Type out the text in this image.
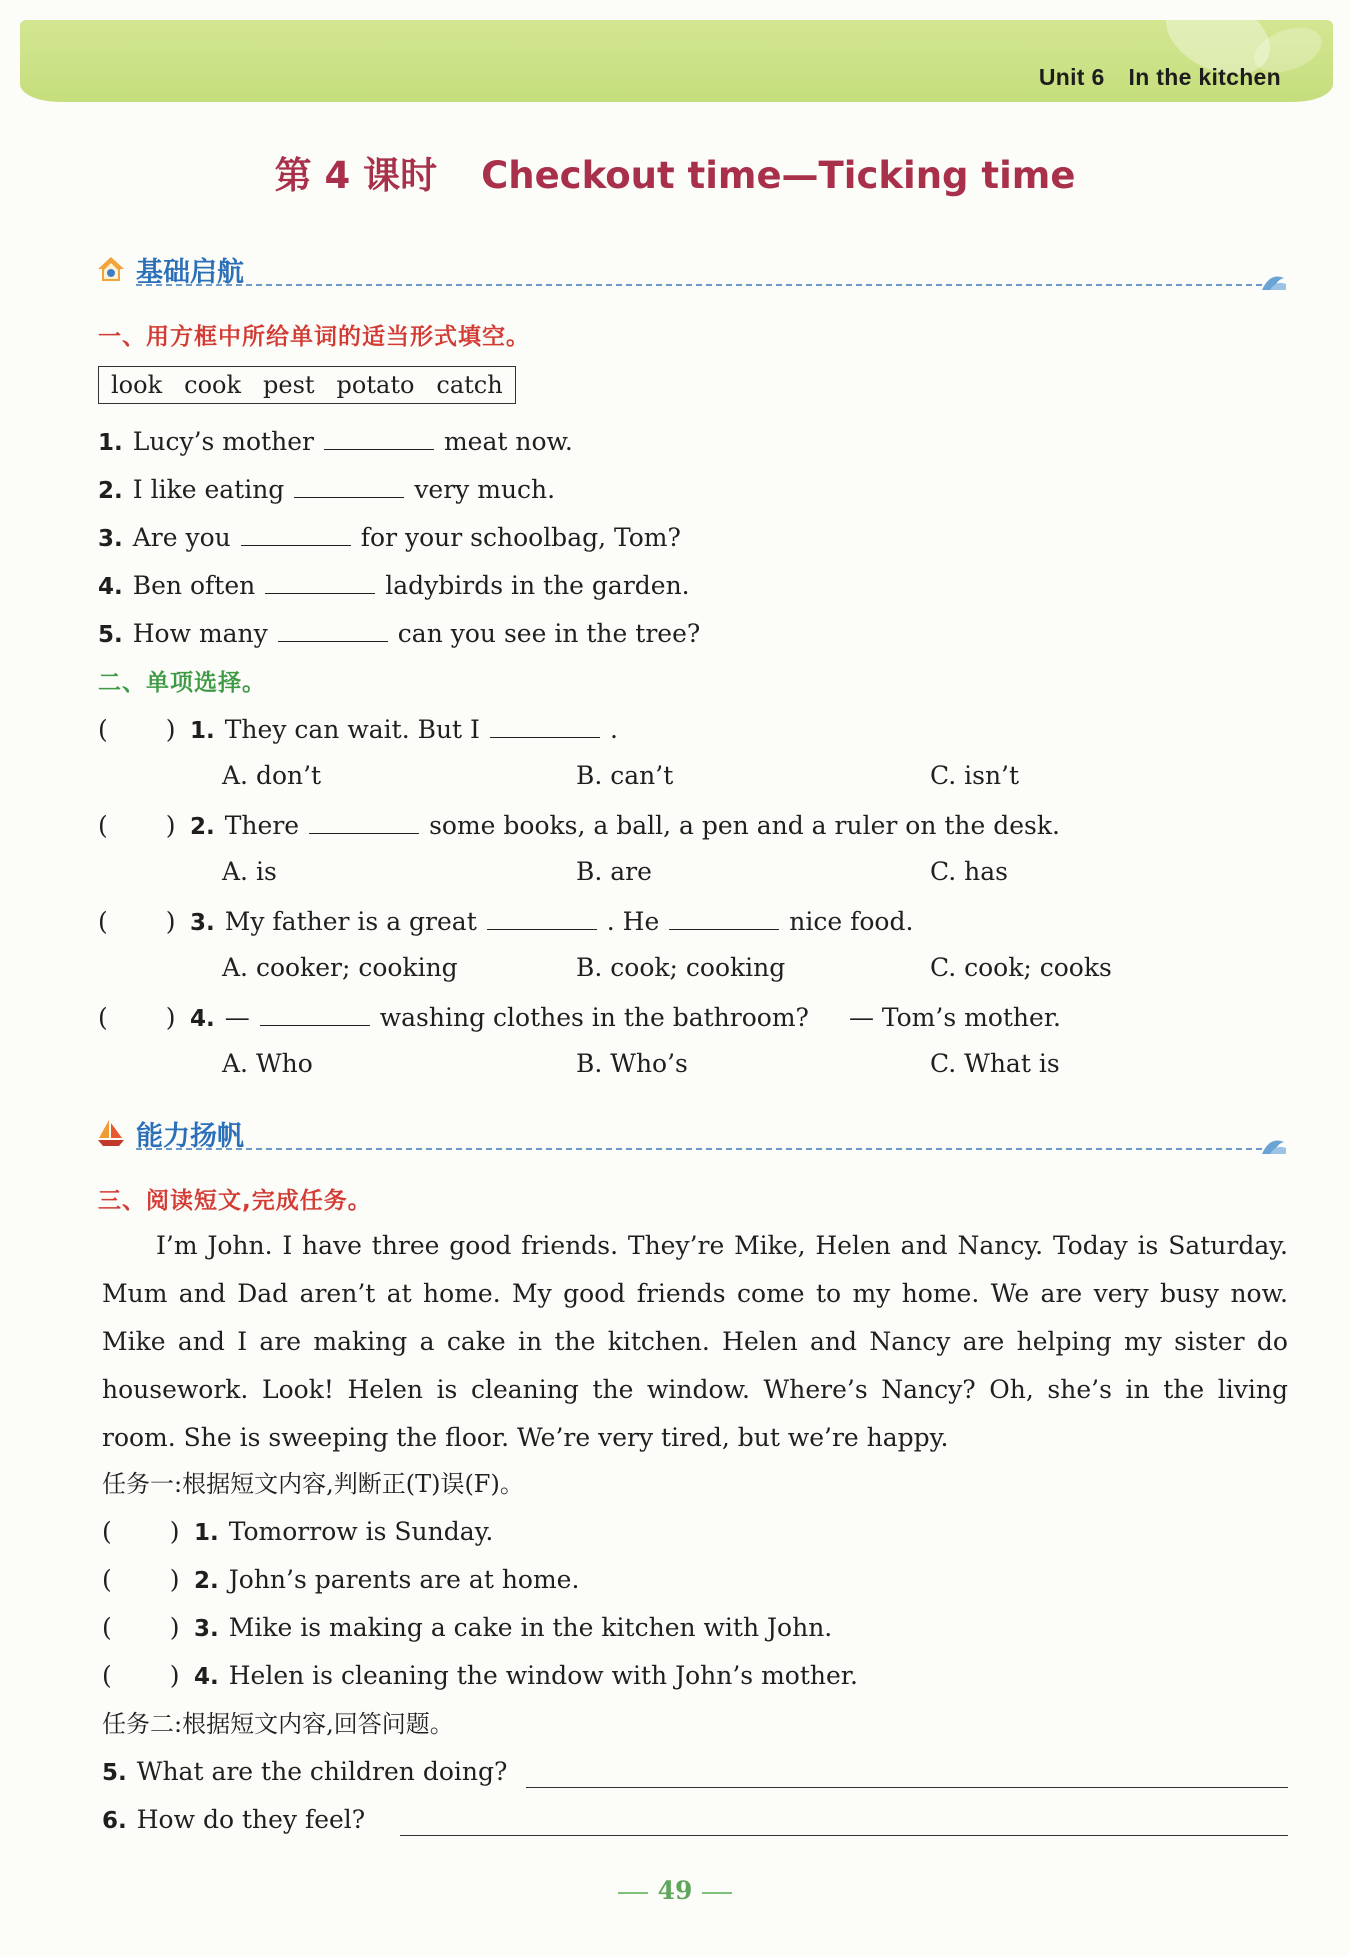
Unit 6 In the kitchen
第 4 课时 Checkout time—Ticking time
基础启航
一、用方框中所给单词的适当形式填空。
look cook pest potato catch
1. Lucy’s mother	meat now.
2. I like eating	very much.
3. Are you	for your schoolbag, Tom?
4. Ben often	ladybirds in the garden.
5. How many	can you see in the tree?
二、单项选择。
( ) 1. They can wait. But I	.
A. don’t	B. can’t	C. isn’t
( ) 2. There	some books, a ball, a pen and a ruler on the desk.
A. is	B. are	C. has
( ) 3. My father is a great	. He	nice food.
A. cooker; cooking	B. cook; cooking	C. cook; cooks
( ) 4. —	washing clothes in the bathroom? — Tom’s mother.
A. Who	B. Who’s	C. What is
能力扬帆
三、阅读短文,完成任务。
I’m John. I have three good friends. They’re Mike, Helen and Nancy. Today is Saturday. Mum and Dad aren’t at home. My good friends come to my home. We are very busy now. Mike and I are making a cake in the kitchen. Helen and Nancy are helping my sister do housework. Look! Helen is cleaning the window. Where’s Nancy? Oh, she’s in the living room. She is sweeping the floor. We’re very tired, but we’re happy.
任务一:根据短文内容,判断正(T)误(F)。
( ) 1. Tomorrow is Sunday.
( ) 2. John’s parents are at home.
( ) 3. Mike is making a cake in the kitchen with John.
( ) 4. Helen is cleaning the window with John’s mother.
任务二:根据短文内容,回答问题。
5. What are the children doing?
6. How do they feel?
49
